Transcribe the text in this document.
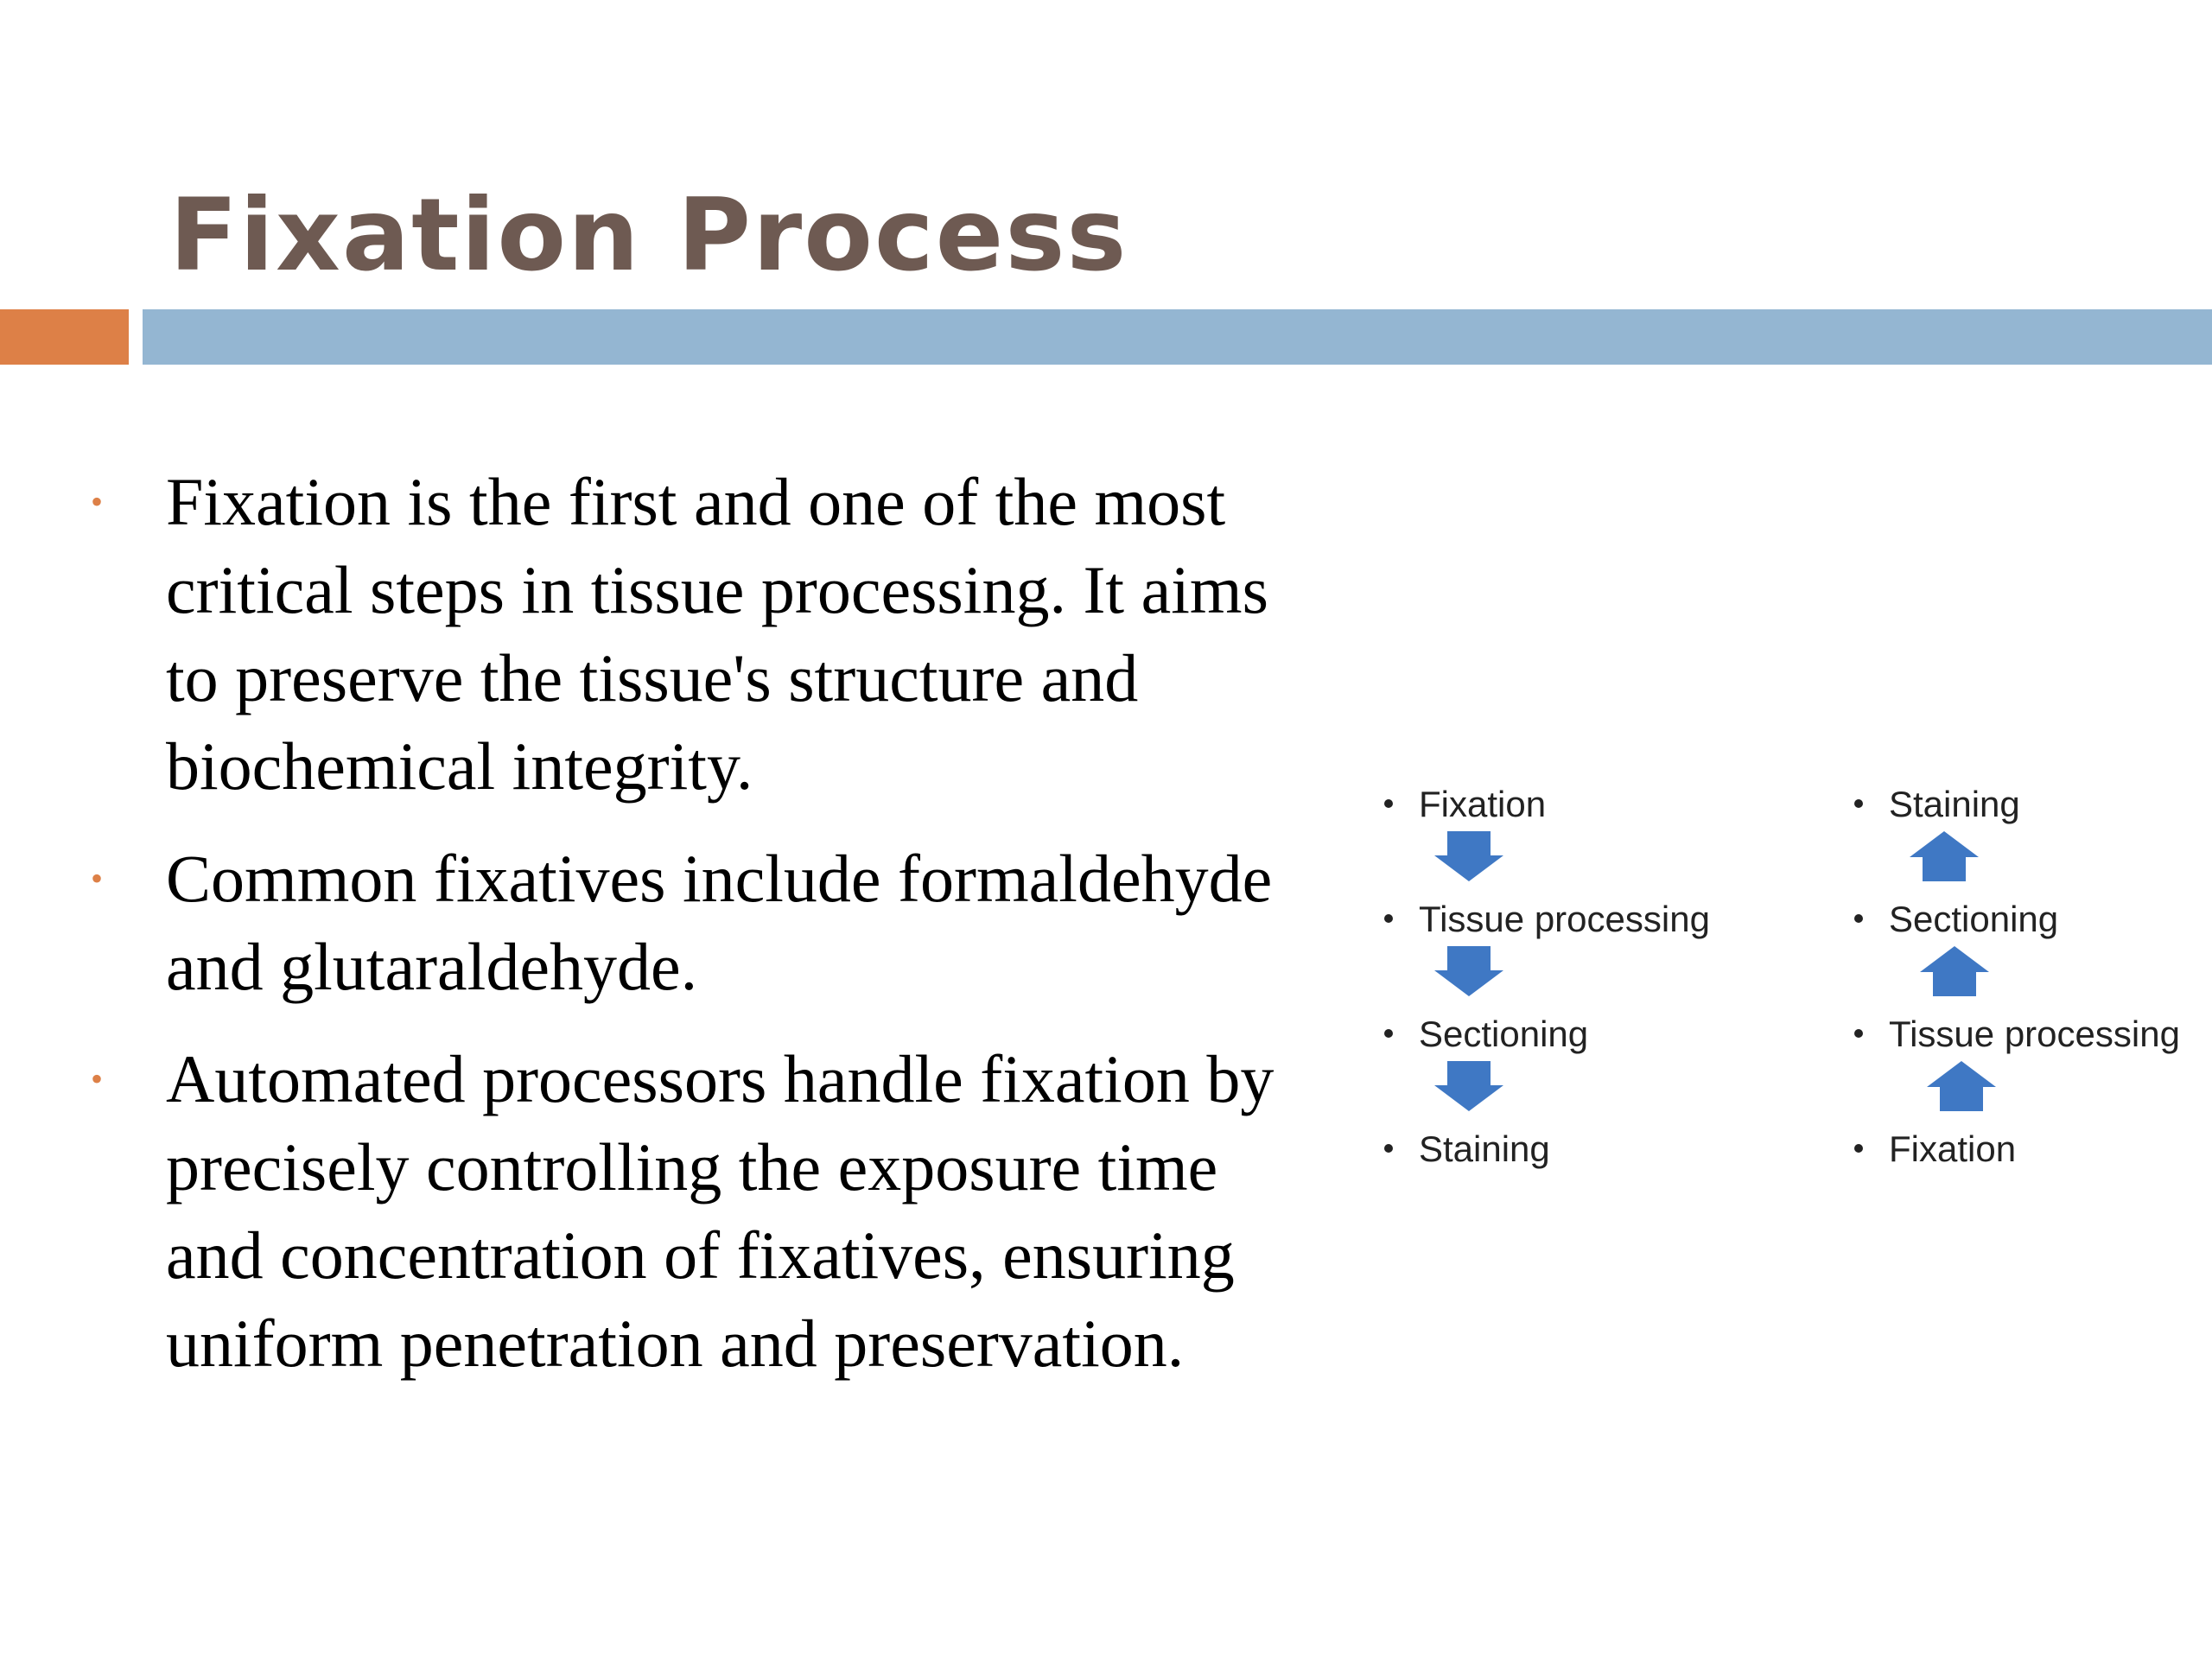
Fixation Process
• Fixation is the first and one of the most critical steps in tissue processing. It aims to preserve the tissue's structure and biochemical integrity.
• Common fixatives include formaldehyde and glutaraldehyde.
• Automated processors handle fixation by precisely controlling the exposure time and concentration of fixatives, ensuring uniform penetration and preservation.
Fixation
Tissue processing
Sectioning
Staining
Staining
Sectioning
Tissue processing
Fixation
